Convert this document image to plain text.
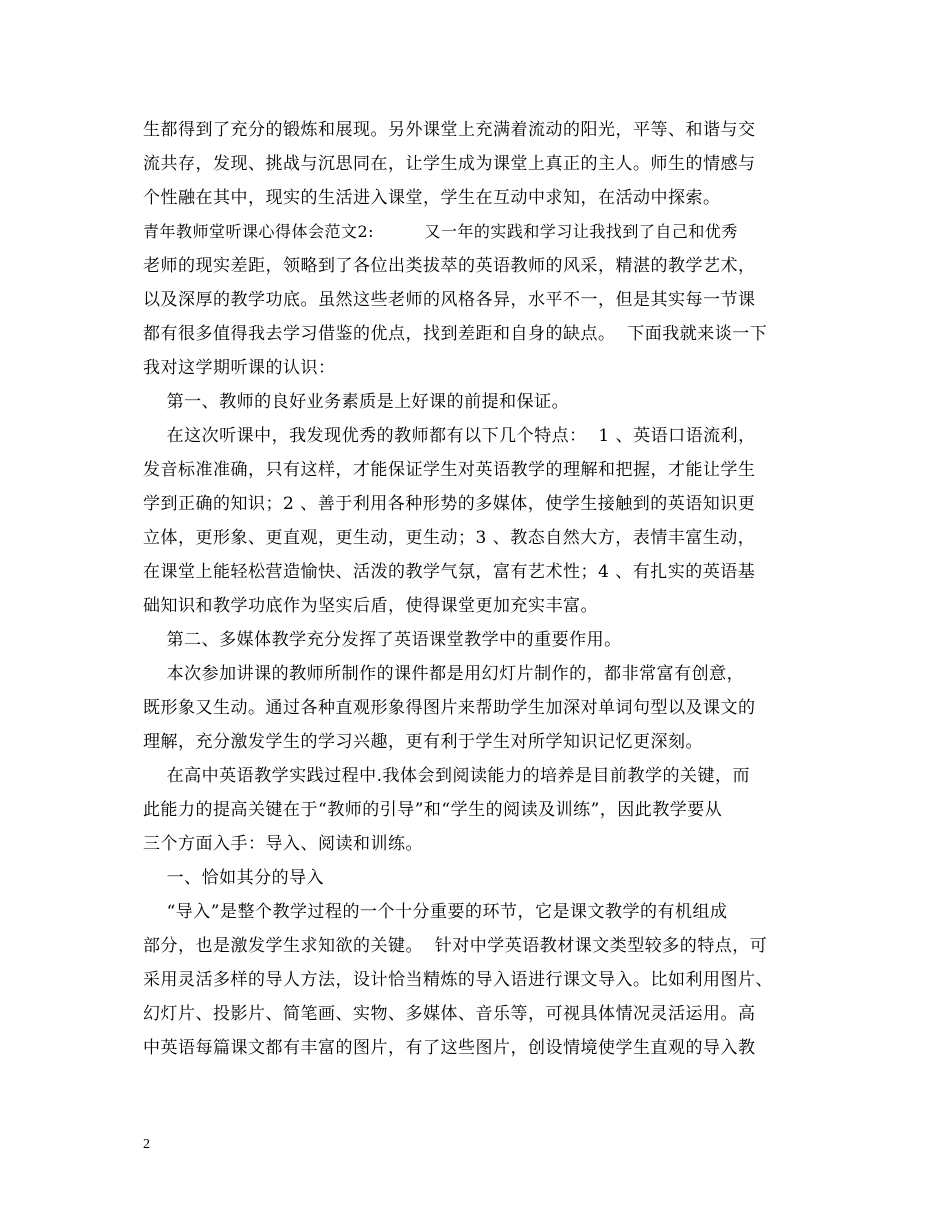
生都得到了充分的锻炼和展现。另外课堂上充满着流动的阳光，平等、和谐与交
流共存，发现、挑战与沉思同在，让学生成为课堂上真正的主人。师生的情感与
个性融在其中，现实的生活进入课堂，学生在互动中求知，在活动中探索。
青年教师堂听课心得体会范文2:         又一年的实践和学习让我找到了自己和优秀
老师的现实差距，领略到了各位出类拔萃的英语教师的风采，精湛的教学艺术，
以及深厚的教学功底。虽然这些老师的风格各异，水平不一，但是其实每一节课
都有很多值得我去学习借鉴的优点，找到差距和自身的缺点。  下面我就来谈一下
我对这学期听课的认识：
第一、教师的良好业务素质是上好课的前提和保证。
在这次听课中，我发现优秀的教师都有以下几个特点：  1 、英语口语流利，
发音标准准确，只有这样，才能保证学生对英语教学的理解和把握，才能让学生
学到正确的知识；2 、善于利用各种形势的多媒体，使学生接触到的英语知识更
立体，更形象、更直观，更生动，更生动；3 、教态自然大方，表情丰富生动，
在课堂上能轻松营造愉快、活泼的教学气氛，富有艺术性；4 、有扎实的英语基
础知识和教学功底作为坚实后盾，使得课堂更加充实丰富。
第二、多媒体教学充分发挥了英语课堂教学中的重要作用。
本次参加讲课的教师所制作的课件都是用幻灯片制作的，都非常富有创意，
既形象又生动。通过各种直观形象得图片来帮助学生加深对单词句型以及课文的
理解，充分激发学生的学习兴趣，更有利于学生对所学知识记忆更深刻。
在高中英语教学实践过程中.我体会到阅读能力的培养是目前教学的关键，而
此能力的提高关键在于“教师的引导”和“学生的阅读及训练”，因此教学要从
三个方面入手：导入、阅读和训练。
一、恰如其分的导入
“导入”是整个教学过程的一个十分重要的环节，它是课文教学的有机组成
部分，也是激发学生求知欲的关键。  针对中学英语教材课文类型较多的特点，可
采用灵活多样的导人方法，设计恰当精炼的导入语进行课文导入。比如利用图片、
幻灯片、投影片、简笔画、实物、多媒体、音乐等，可视具体情况灵活运用。高
中英语每篇课文都有丰富的图片，有了这些图片，创设情境使学生直观的导入教
2
